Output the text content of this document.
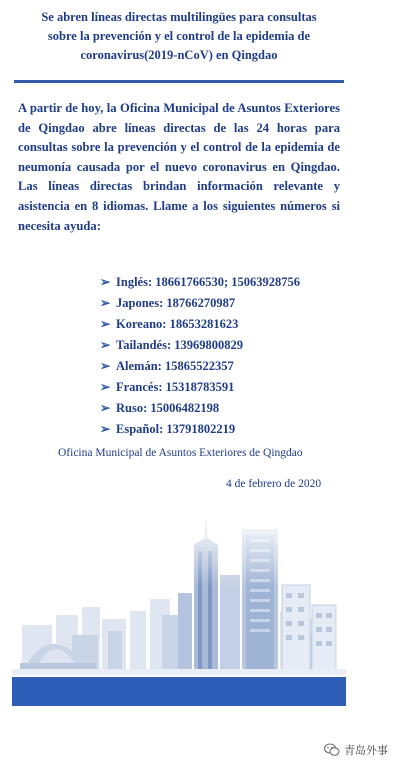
Se abren líneas directas multilingües para consultas
sobre la prevención y el control de la epidemia de
coronavirus(2019-nCoV) en Qingdao
A partir de hoy, la Oficina Municipal de Asuntos Exteriores de Qingdao abre líneas directas de las 24 horas para consultas sobre la prevención y el control de la epidemia de neumonía causada por el nuevo coronavirus en Qingdao. Las líneas directas brindan información relevante y asistencia en 8 idiomas. Llame a los siguientes números si necesita ayuda:
➢ Inglés: 18661766530; 15063928756
➢ Japones: 18766270987
➢ Koreano: 18653281623
➢ Tailandés: 13969800829
➢ Alemán: 15865522357
➢ Francés: 15318783591
➢ Ruso: 15006482198
➢ Español: 13791802219
Oficina Municipal de Asuntos Exteriores de Qingdao
4 de febrero de 2020
青岛外事
